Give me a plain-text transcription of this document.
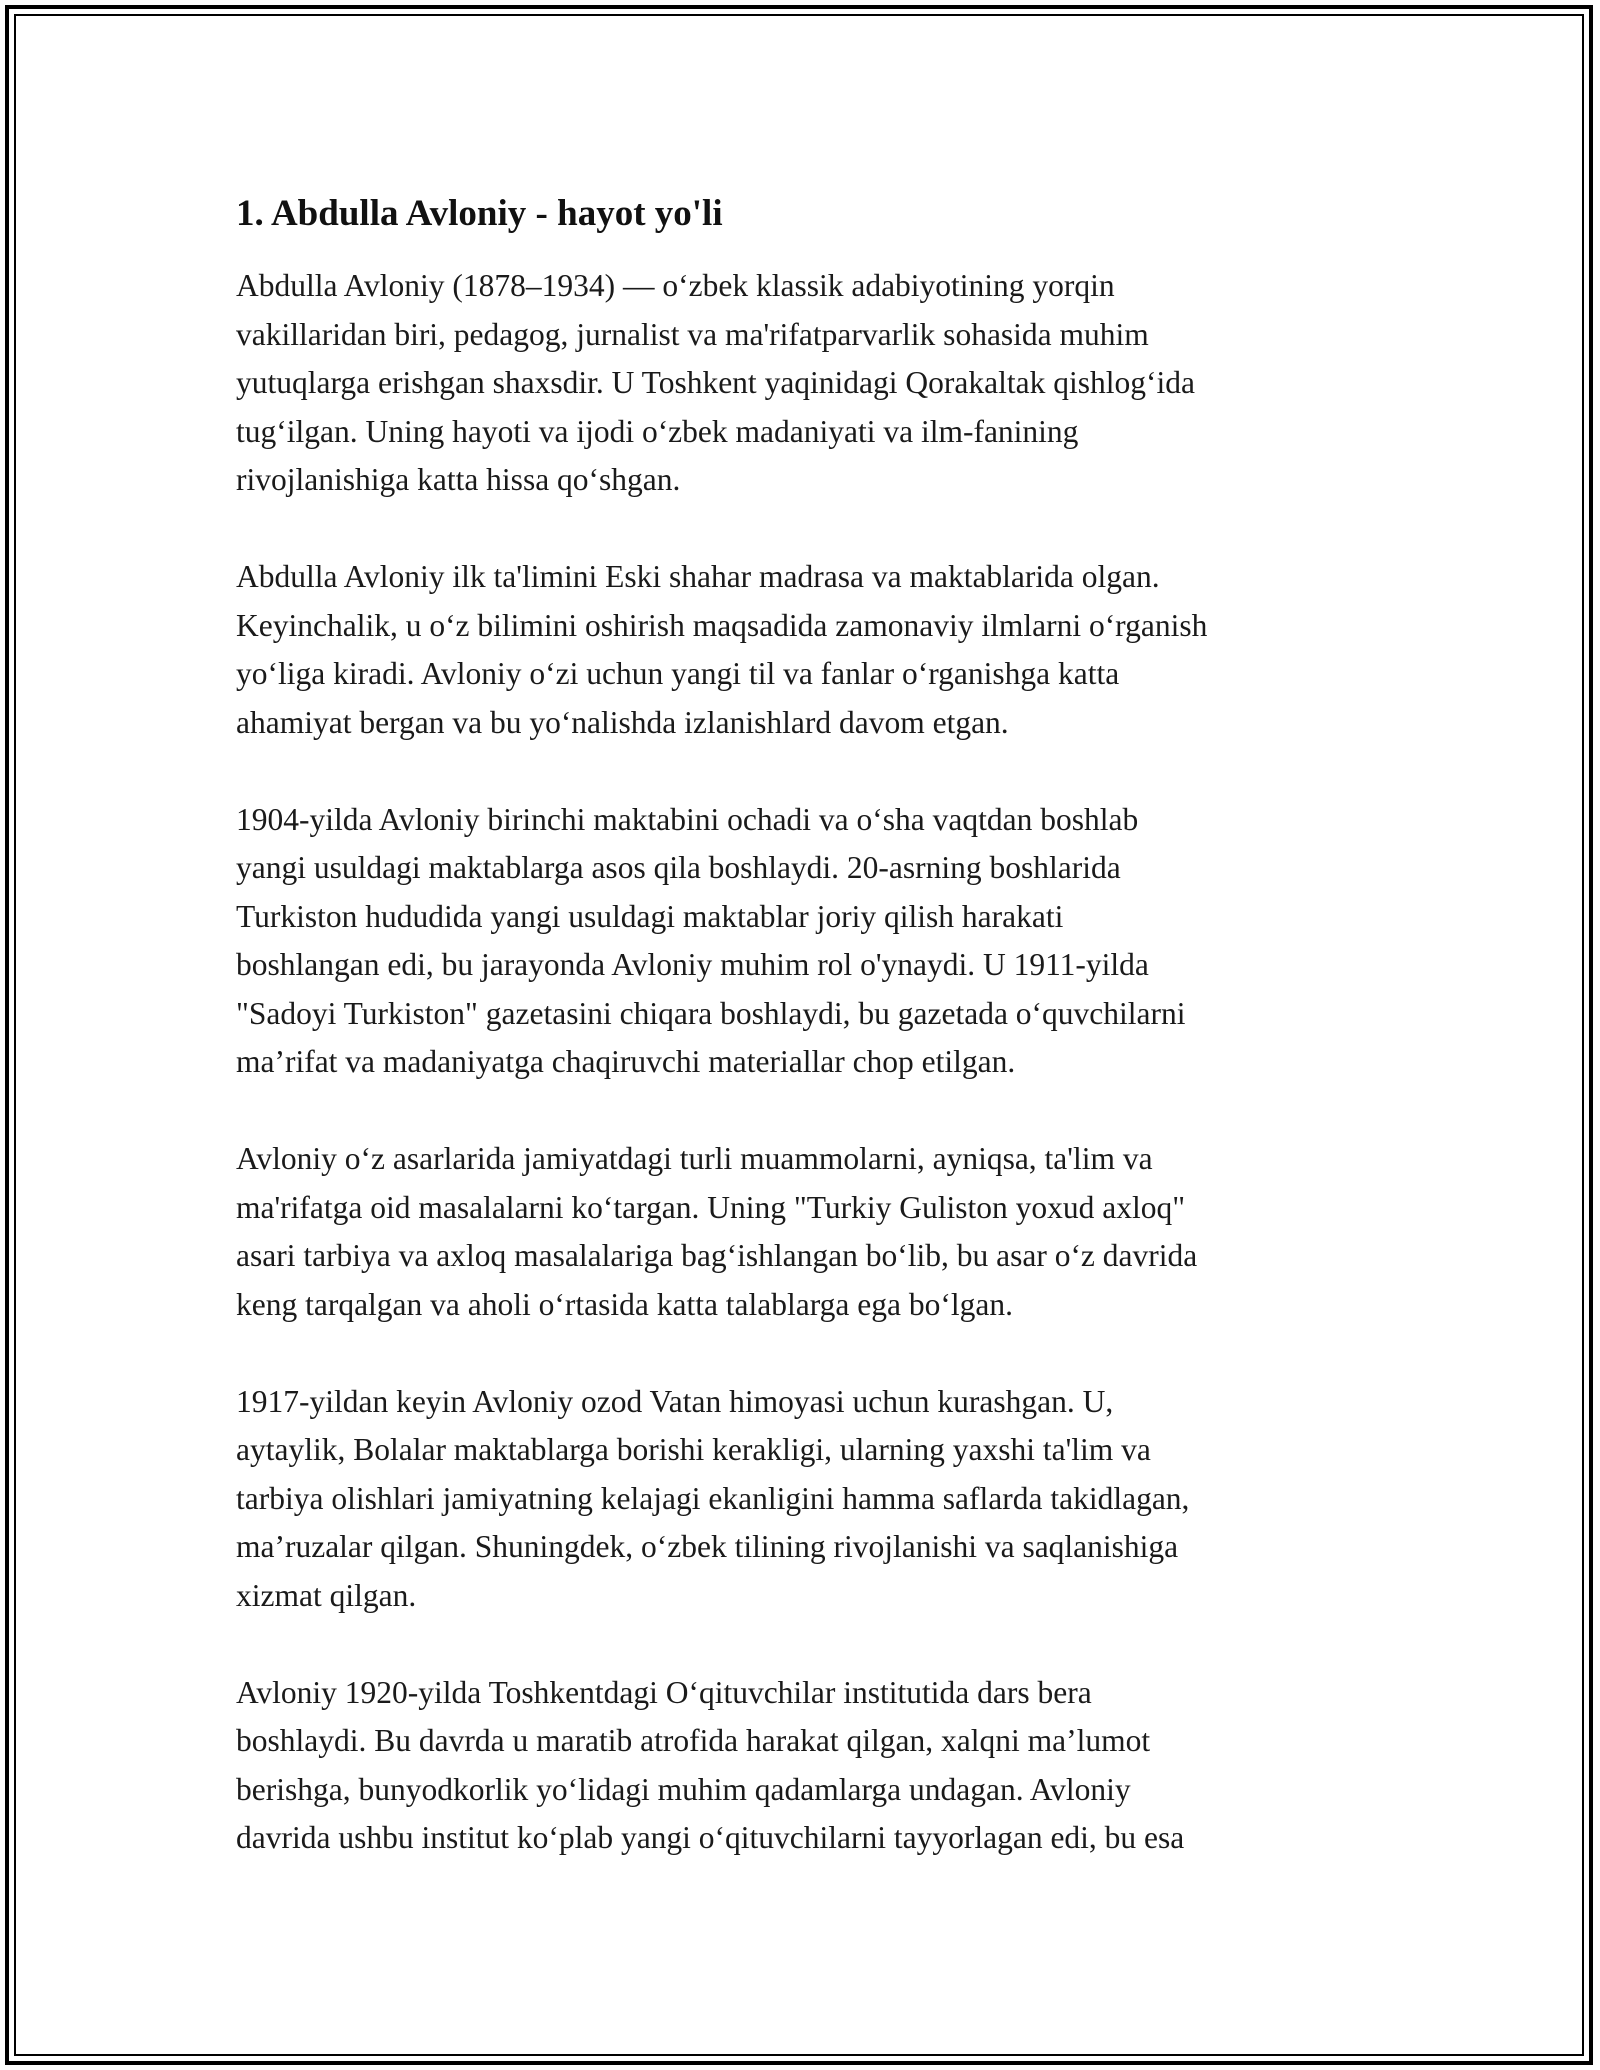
1. Abdulla Avloniy - hayot yo'li

Abdulla Avloniy (1878–1934) — o‘zbek klassik adabiyotining yorqin
vakillaridan biri, pedagog, jurnalist va ma'rifatparvarlik sohasida muhim
yutuqlarga erishgan shaxsdir. U Toshkent yaqinidagi Qorakaltak qishlog‘ida
tug‘ilgan. Uning hayoti va ijodi o‘zbek madaniyati va ilm-fanining
rivojlanishiga katta hissa qo‘shgan.

Abdulla Avloniy ilk ta'limini Eski shahar madrasa va maktablarida olgan.
Keyinchalik, u o‘z bilimini oshirish maqsadida zamonaviy ilmlarni o‘rganish
yo‘liga kiradi. Avloniy o‘zi uchun yangi til va fanlar o‘rganishga katta
ahamiyat bergan va bu yo‘nalishda izlanishlard davom etgan.

1904-yilda Avloniy birinchi maktabini ochadi va o‘sha vaqtdan boshlab
yangi usuldagi maktablarga asos qila boshlaydi. 20-asrning boshlarida
Turkiston hududida yangi usuldagi maktablar joriy qilish harakati
boshlangan edi, bu jarayonda Avloniy muhim rol o'ynaydi. U 1911-yilda
"Sadoyi Turkiston" gazetasini chiqara boshlaydi, bu gazetada o‘quvchilarni
ma’rifat va madaniyatga chaqiruvchi materiallar chop etilgan.

Avloniy o‘z asarlarida jamiyatdagi turli muammolarni, ayniqsa, ta'lim va
ma'rifatga oid masalalarni ko‘targan. Uning "Turkiy Guliston yoxud axloq"
asari tarbiya va axloq masalalariga bag‘ishlangan bo‘lib, bu asar o‘z davrida
keng tarqalgan va aholi o‘rtasida katta talablarga ega bo‘lgan.

1917-yildan keyin Avloniy ozod Vatan himoyasi uchun kurashgan. U,
aytaylik, Bolalar maktablarga borishi kerakligi, ularning yaxshi ta'lim va
tarbiya olishlari jamiyatning kelajagi ekanligini hamma saflarda takidlagan,
ma’ruzalar qilgan. Shuningdek, o‘zbek tilining rivojlanishi va saqlanishiga
xizmat qilgan.

Avloniy 1920-yilda Toshkentdagi O‘qituvchilar institutida dars bera
boshlaydi. Bu davrda u maratib atrofida harakat qilgan, xalqni ma’lumot
berishga, bunyodkorlik yo‘lidagi muhim qadamlarga undagan. Avloniy
davrida ushbu institut ko‘plab yangi o‘qituvchilarni tayyorlagan edi, bu esa
